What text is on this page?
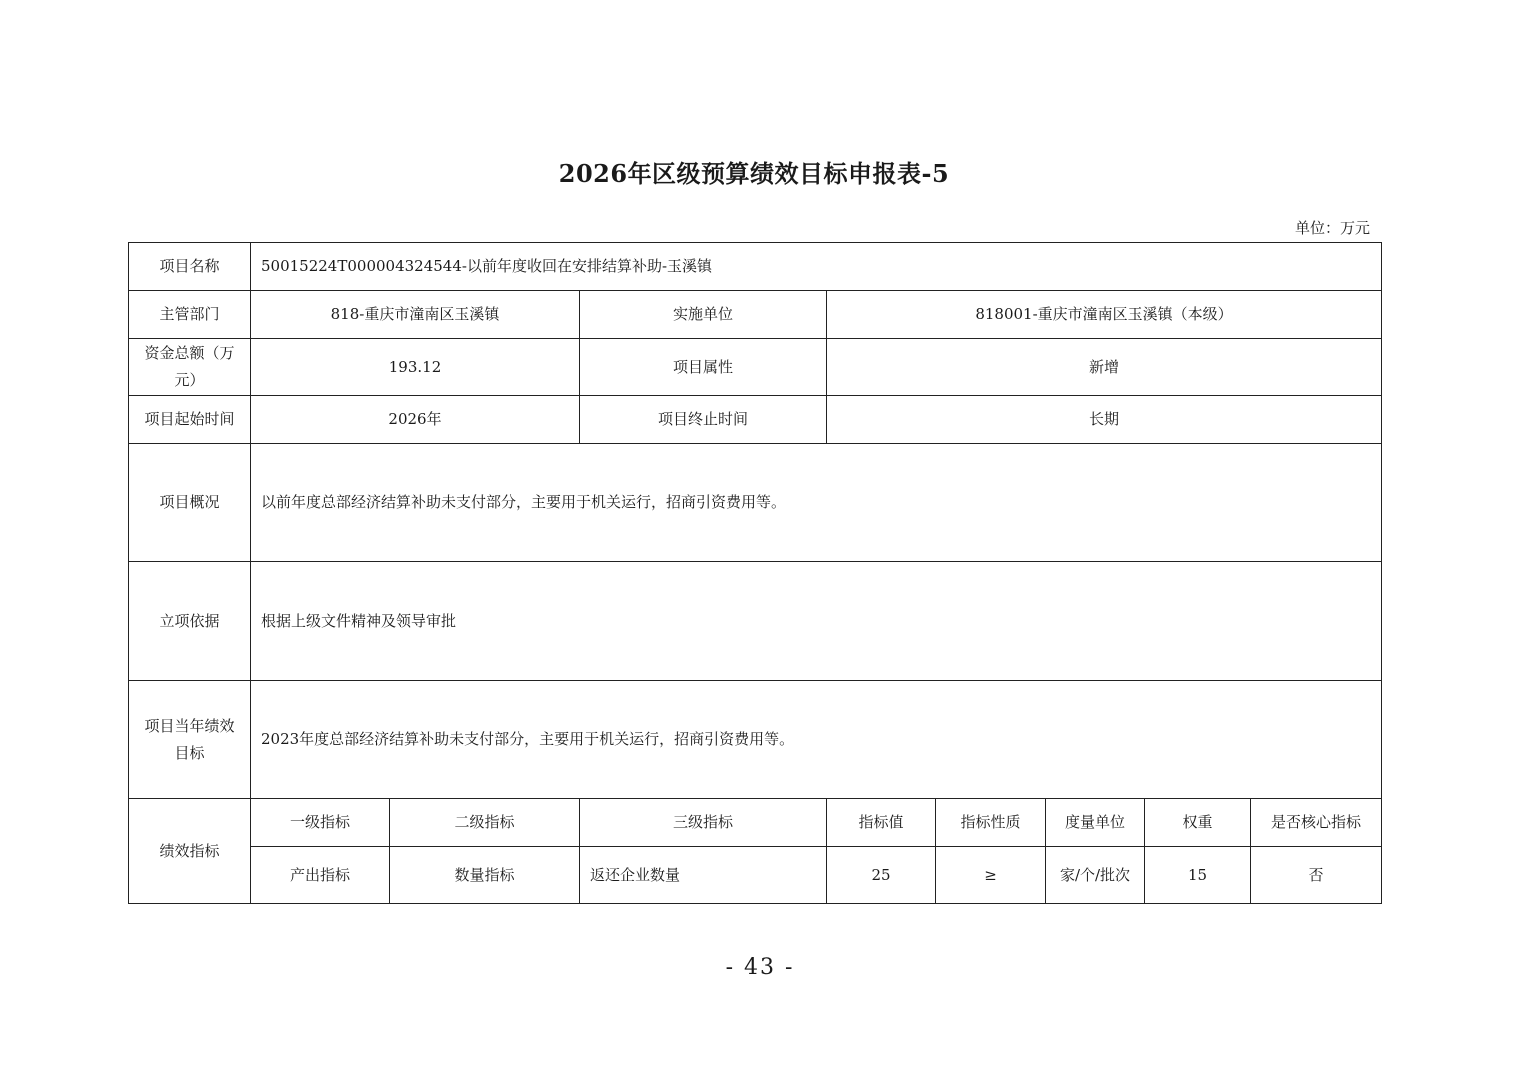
2026年区级预算绩效目标申报表-5
单位：万元
项目名称	50015224T000004324544-以前年度收回在安排结算补助-玉溪镇							
主管部门	818-重庆市潼南区玉溪镇		实施单位	818001-重庆市潼南区玉溪镇（本级）				
资金总额（万元）	193.12		项目属性	新增				
项目起始时间	2026年		项目终止时间	长期				
项目概况	以前年度总部经济结算补助未支付部分，主要用于机关运行，招商引资费用等。							
立项依据	根据上级文件精神及领导审批							
项目当年绩效目标	2023年度总部经济结算补助未支付部分，主要用于机关运行，招商引资费用等。							
绩效指标	一级指标	二级指标	三级指标	指标值	指标性质	度量单位	权重	是否核心指标
	产出指标	数量指标	返还企业数量	25	≥	家/个/批次	15	否
- 43 -
